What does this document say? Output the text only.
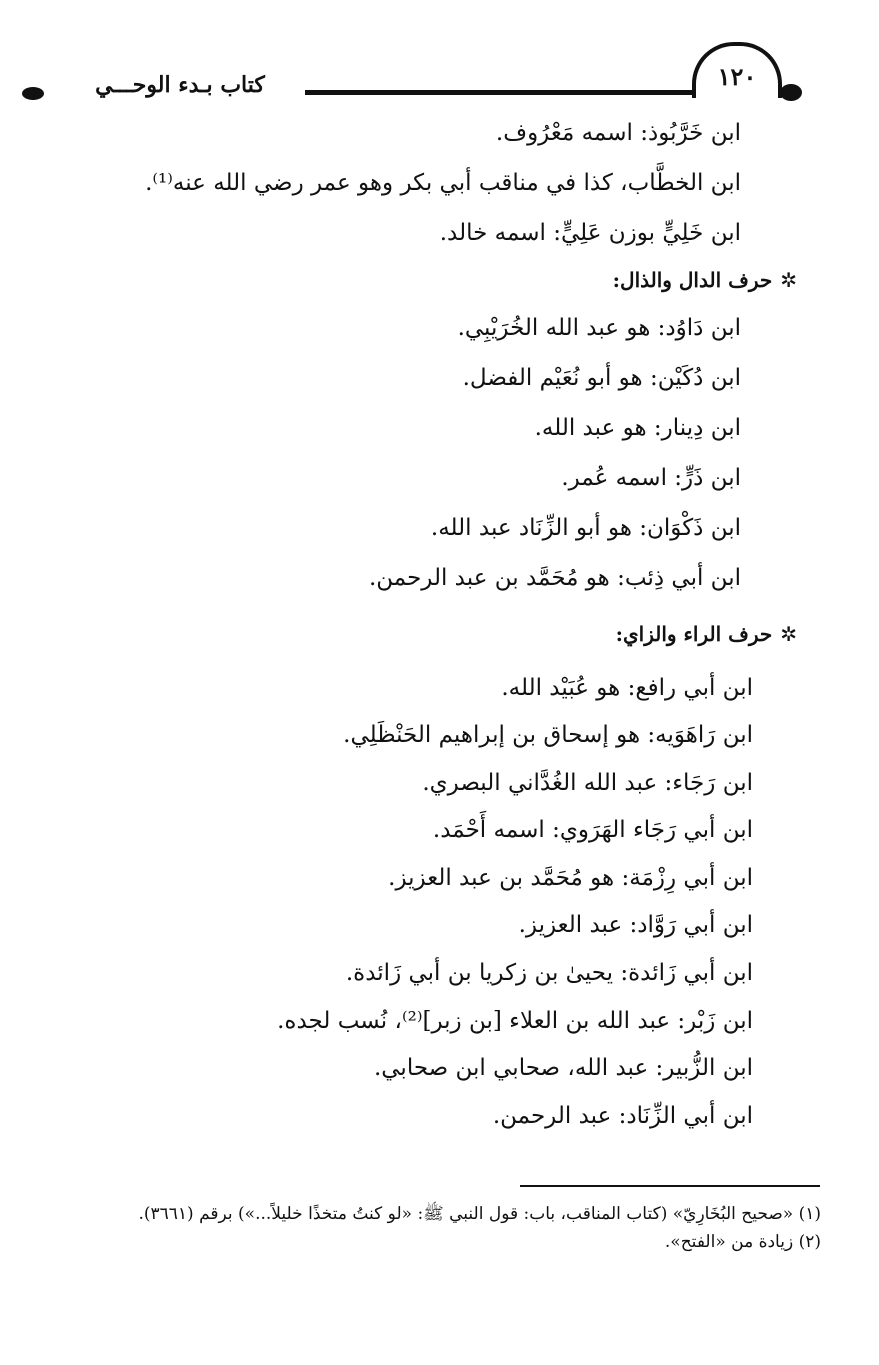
كتاب بـدء الوحـــي	١٢٠
ابن خَرَّبُوذ: اسمه مَعْرُوف.
ابن الخطَّاب، كذا في مناقب أبي بكر وهو عمر رضي الله عنه⁽¹⁾.
ابن خَلِيٍّ بوزن عَلِيٍّ: اسمه خالد.
✲حرف الدال والذال:
ابن دَاوُد: هو عبد الله الخُرَيْبِي.
ابن دُكَيْن: هو أبو نُعَيْم الفضل.
ابن دِينار: هو عبد الله.
ابن ذَرٍّ: اسمه عُمر.
ابن ذَكْوَان: هو أبو الزِّنَاد عبد الله.
ابن أبي ذِئب: هو مُحَمَّد بن عبد الرحمن.
✲حرف الراء والزاي:
ابن أبي رافع: هو عُبَيْد الله.
ابن رَاهَوَيه: هو إسحاق بن إبراهيم الحَنْظَلِي.
ابن رَجَاء: عبد الله الغُدَّاني البصري.
ابن أبي رَجَاء الهَرَوي: اسمه أَحْمَد.
ابن أبي رِزْمَة: هو مُحَمَّد بن عبد العزيز.
ابن أبي رَوَّاد: عبد العزيز.
ابن أبي زَائدة: يحيىٰ بن زكريا بن أبي زَائدة.
ابن زَبْر: عبد الله بن العلاء [بن زبر]⁽²⁾، نُسب لجده.
ابن الزُّبير: عبد الله، صحابي ابن صحابي.
ابن أبي الزِّنَاد: عبد الرحمن.
(١) «صحيح البُخَارِيّ» (كتاب المناقب، باب: قول النبي ﷺ: «لو كنتُ متخذًا خليلاً...») برقم (٣٦٦١).
(٢) زيادة من «الفتح».
